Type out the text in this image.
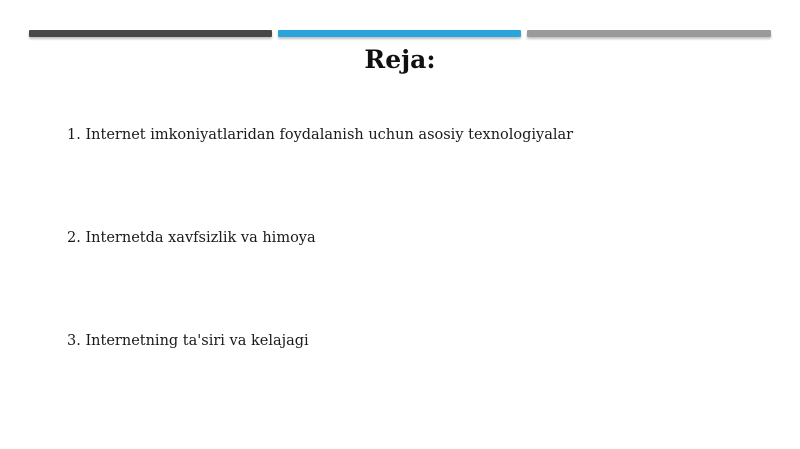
Reja:
1. Internet imkoniyatlaridan foydalanish uchun asosiy texnologiyalar
2. Internetda xavfsizlik va himoya
3. Internetning ta'siri va kelajagi
